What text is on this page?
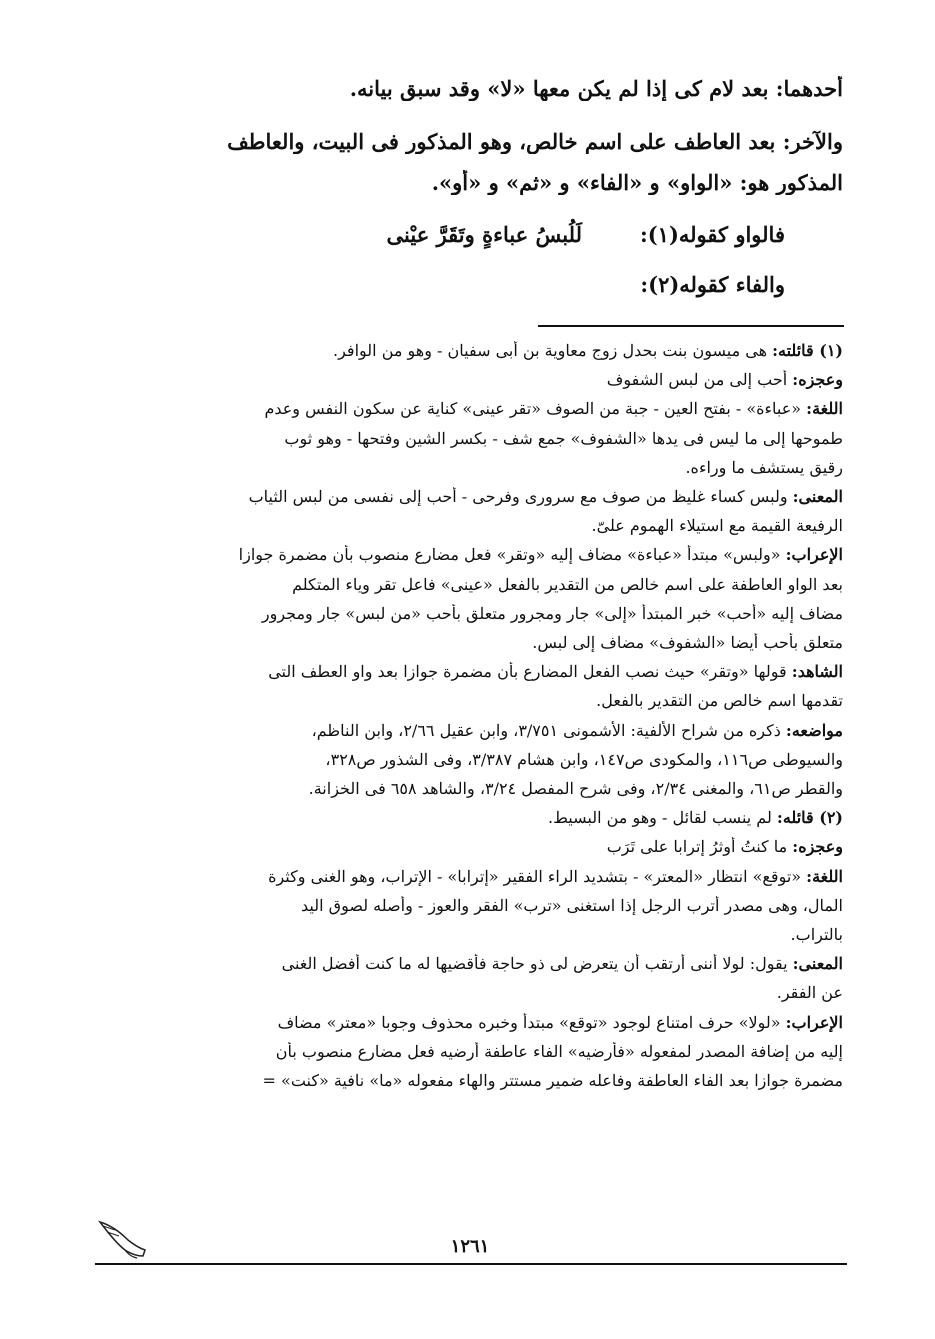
أحدهما: بعد لام كى إذا لم يكن معها «لا» وقد سبق بيانه.
والآخر: بعد العاطف على اسم خالص، وهو المذكور فى البيت، والعاطف
المذكور هو: «الواو» و «الفاء» و «ثم» و «أو».
فالواو كقوله(١):
لَلُبسُ عباءةٍ وتَقَرَّ عيْنى
والفاء كقوله(٢):
(١) قائلته: هى ميسون بنت بحدل زوج معاوية بن أبى سفيان - وهو من الوافر.
وعجزه: أحب إلى من لبس الشفوف
اللغة: «عباءة» - بفتح العين - جبة من الصوف «تقر عينى» كناية عن سكون النفس وعدم
طموحها إلى ما ليس فى يدها «الشفوف» جمع شف - بكسر الشين وفتحها - وهو ثوب
رقيق يستشف ما وراءه.
المعنى: ولبس كساء غليظ من صوف مع سرورى وفرحى - أحب إلى نفسى من لبس الثياب
الرفيعة القيمة مع استيلاء الهموم علىّ.
الإعراب: «ولبس» مبتدأ «عباءة» مضاف إليه «وتقر» فعل مضارع منصوب بأن مضمرة جوازا
بعد الواو العاطفة على اسم خالص من التقدير بالفعل «عينى» فاعل تقر وياء المتكلم
مضاف إليه «أحب» خبر المبتدأ «إلى» جار ومجرور متعلق بأحب «من لبس» جار ومجرور
متعلق بأحب أيضا «الشفوف» مضاف إلى لبس.
الشاهد: قولها «وتقر» حيث نصب الفعل المضارع بأن مضمرة جوازا بعد واو العطف التى
تقدمها اسم خالص من التقدير بالفعل.
مواضعه: ذكره من شراح الألفية: الأشمونى ٣/٧٥١، وابن عقيل ٢/٦٦، وابن الناظم،
والسيوطى ص١١٦، والمكودى ص١٤٧، وابن هشام ٣/٣٨٧، وفى الشذور ص٣٢٨،
والقطر ص٦١، والمغنى ٢/٣٤، وفى شرح المفصل ٣/٢٤، والشاهد ٦٥٨ فى الخزانة.
(٢) قائله: لم ينسب لقائل - وهو من البسيط.
وعجزه: ما كنتُ أوثرُ إترابا على تَرَب
اللغة: «توقع» انتظار «المعتر» - بتشديد الراء الفقير «إترابا» - الإتراب، وهو الغنى وكثرة
المال، وهى مصدر أترب الرجل إذا استغنى «ترب» الفقر والعوز - وأصله لصوق اليد
بالتراب.
المعنى: يقول: لولا أننى أرتقب أن يتعرض لى ذو حاجة فأقضيها له ما كنت أفضل الغنى
عن الفقر.
الإعراب: «لولا» حرف امتناع لوجود «توقع» مبتدأ وخبره محذوف وجوبا «معتر» مضاف
إليه من إضافة المصدر لمفعوله «فأرضيه» الفاء عاطفة أرضيه فعل مضارع منصوب بأن
مضمرة جوازا بعد الفاء العاطفة وفاعله ضمير مستتر والهاء مفعوله «ما» نافية «كنت» =
١٢٦١
